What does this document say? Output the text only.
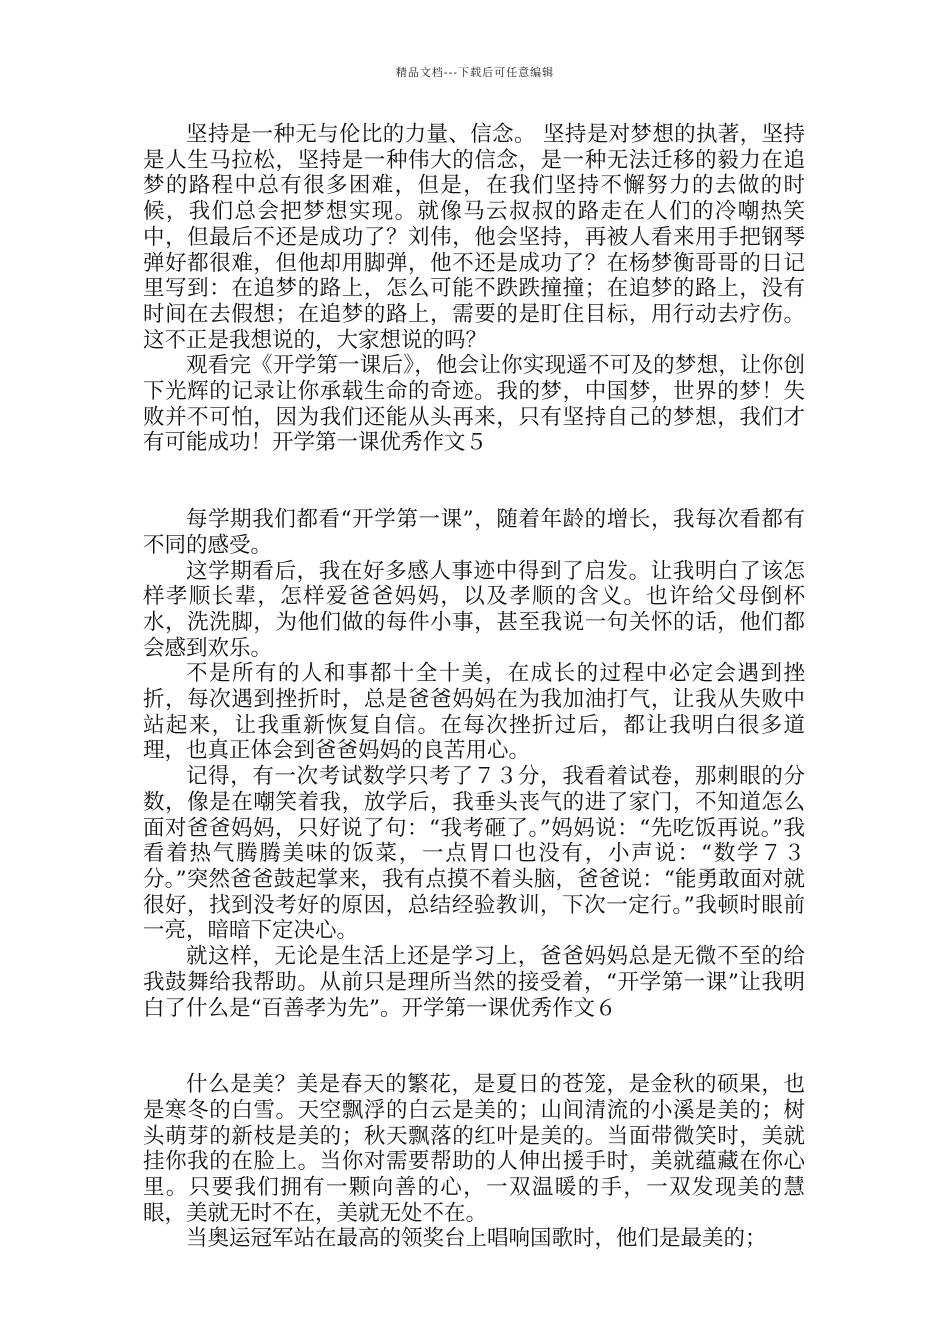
精品文档---下载后可任意编辑

坚持是一种无与伦比的力量、信念。 坚持是对梦想的执著，坚持是人生马拉松，坚持是一种伟大的信念，是一种无法迁移的毅力在追梦的路程中总有很多困难，但是，在我们坚持不懈努力的去做的时候，我们总会把梦想实现。就像马云叔叔的路走在人们的冷嘲热笑中，但最后不还是成功了？刘伟，他会坚持，再被人看来用手把钢琴弹好都很难，但他却用脚弹，他不还是成功了？在杨梦衡哥哥的日记里写到：在追梦的路上，怎么可能不跌跌撞撞；在追梦的路上，没有时间在去假想；在追梦的路上，需要的是盯住目标，用行动去疗伤。这不正是我想说的，大家想说的吗？

观看完《开学第一课后》，他会让你实现遥不可及的梦想，让你创下光辉的记录让你承载生命的奇迹。我的梦，中国梦，世界的梦！失败并不可怕，因为我们还能从头再来，只有坚持自己的梦想，我们才有可能成功！开学第一课优秀作文５

每学期我们都看“开学第一课”，随着年龄的增长，我每次看都有不同的感受。

这学期看后，我在好多感人事迹中得到了启发。让我明白了该怎样孝顺长辈，怎样爱爸爸妈妈，以及孝顺的含义。也许给父母倒杯水，洗洗脚，为他们做的每件小事，甚至我说一句关怀的话，他们都会感到欢乐。

不是所有的人和事都十全十美，在成长的过程中必定会遇到挫折，每次遇到挫折时，总是爸爸妈妈在为我加油打气，让我从失败中站起来，让我重新恢复自信。在每次挫折过后，都让我明白很多道理，也真正体会到爸爸妈妈的良苦用心。

记得，有一次考试数学只考了７３分，我看着试卷，那刺眼的分数，像是在嘲笑着我，放学后，我垂头丧气的进了家门，不知道怎么面对爸爸妈妈，只好说了句：“我考砸了。”妈妈说：“先吃饭再说。”我看着热气腾腾美味的饭菜，一点胃口也没有，小声说：“数学７３分。”突然爸爸鼓起掌来，我有点摸不着头脑，爸爸说：“能勇敢面对就很好，找到没考好的原因，总结经验教训，下次一定行。”我顿时眼前一亮，暗暗下定决心。

就这样，无论是生活上还是学习上，爸爸妈妈总是无微不至的给我鼓舞给我帮助。从前只是理所当然的接受着，“开学第一课”让我明白了什么是“百善孝为先”。开学第一课优秀作文６

什么是美？美是春天的繁花，是夏日的苍笼，是金秋的硕果，也是寒冬的白雪。天空飘浮的白云是美的；山间清流的小溪是美的；树头萌芽的新枝是美的；秋天飘落的红叶是美的。当面带微笑时，美就挂你我的在脸上。当你对需要帮助的人伸出援手时，美就蕴藏在你心里。只要我们拥有一颗向善的心，一双温暖的手，一双发现美的慧眼，美就无时不在，美就无处不在。

当奥运冠军站在最高的领奖台上唱响国歌时，他们是最美的；
